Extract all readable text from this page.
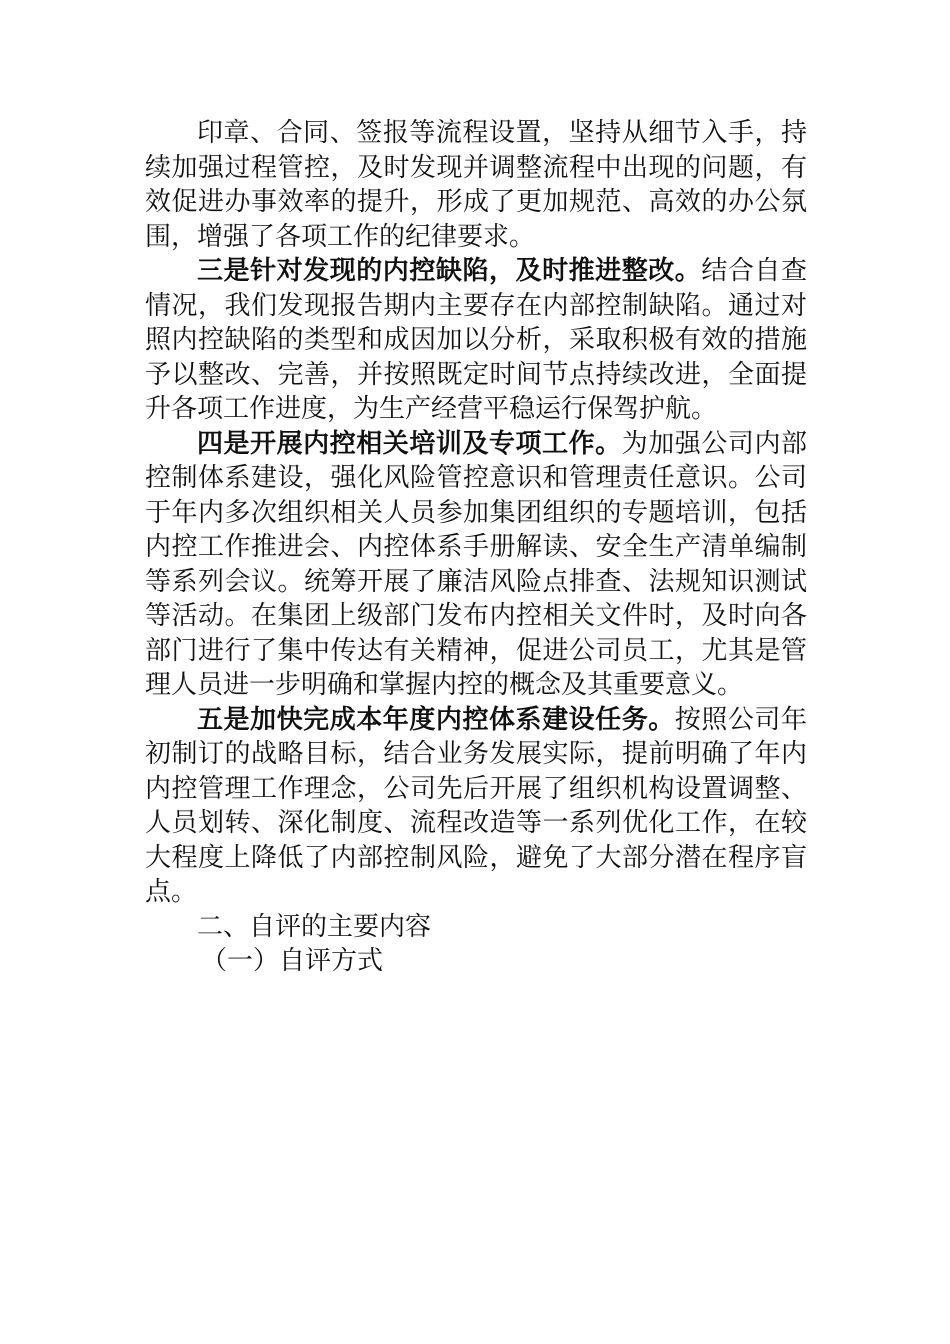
印章、合同、签报等流程设置，坚持从细节入手，持续加强过程管控，及时发现并调整流程中出现的问题，有效促进办事效率的提升，形成了更加规范、高效的办公氛围，增强了各项工作的纪律要求。

三是针对发现的内控缺陷，及时推进整改。结合自查情况，我们发现报告期内主要存在内部控制缺陷。通过对照内控缺陷的类型和成因加以分析，采取积极有效的措施予以整改、完善，并按照既定时间节点持续改进，全面提升各项工作进度，为生产经营平稳运行保驾护航。

四是开展内控相关培训及专项工作。为加强公司内部控制体系建设，强化风险管控意识和管理责任意识。公司于年内多次组织相关人员参加集团组织的专题培训，包括内控工作推进会、内控体系手册解读、安全生产清单编制等系列会议。统筹开展了廉洁风险点排查、法规知识测试等活动。在集团上级部门发布内控相关文件时，及时向各部门进行了集中传达有关精神，促进公司员工，尤其是管理人员进一步明确和掌握内控的概念及其重要意义。

五是加快完成本年度内控体系建设任务。按照公司年初制订的战略目标，结合业务发展实际，提前明确了年内内控管理工作理念，公司先后开展了组织机构设置调整、人员划转、深化制度、流程改造等一系列优化工作，在较大程度上降低了内部控制风险，避免了大部分潜在程序盲点。

二、自评的主要内容

（一）自评方式
